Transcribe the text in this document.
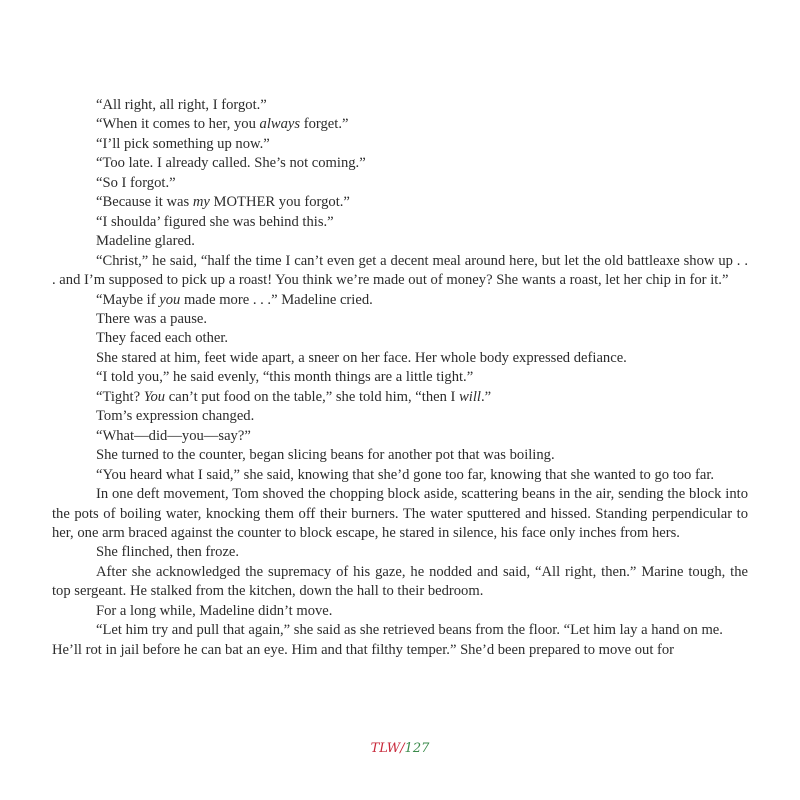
“All right, all right, I forgot.”

“When it comes to her, you always forget.”

“I’ll pick something up now.”

“Too late. I already called. She’s not coming.”

“So I forgot.”

“Because it was my MOTHER you forgot.”

“I shoulda’ figured she was behind this.”

Madeline glared.

“Christ,” he said, “half the time I can’t even get a decent meal around here, but let the old battleaxe show up . . . and I’m supposed to pick up a roast! You think we’re made out of money? She wants a roast, let her chip in for it.”

“Maybe if you made more . . .” Madeline cried.

There was a pause.

They faced each other.

She stared at him, feet wide apart, a sneer on her face. Her whole body expressed defiance.

“I told you,” he said evenly, “this month things are a little tight.”

“Tight? You can’t put food on the table,” she told him, “then I will.”

Tom’s expression changed.

“What—did—you—say?”

She turned to the counter, began slicing beans for another pot that was boiling.

“You heard what I said,” she said, knowing that she’d gone too far, knowing that she wanted to go too far.

In one deft movement, Tom shoved the chopping block aside, scattering beans in the air, sending the block into the pots of boiling water, knocking them off their burners. The water sputtered and hissed. Standing perpendicular to her, one arm braced against the counter to block escape, he stared in silence, his face only inches from hers.

She flinched, then froze.

After she acknowledged the supremacy of his gaze, he nodded and said, “All right, then.” Marine tough, the top sergeant. He stalked from the kitchen, down the hall to their bedroom.

For a long while, Madeline didn’t move.

“Let him try and pull that again,” she said as she retrieved beans from the floor. “Let him lay a hand on me. He’ll rot in jail before he can bat an eye. Him and that filthy temper.” She’d been prepared to move out for

TLW/127
